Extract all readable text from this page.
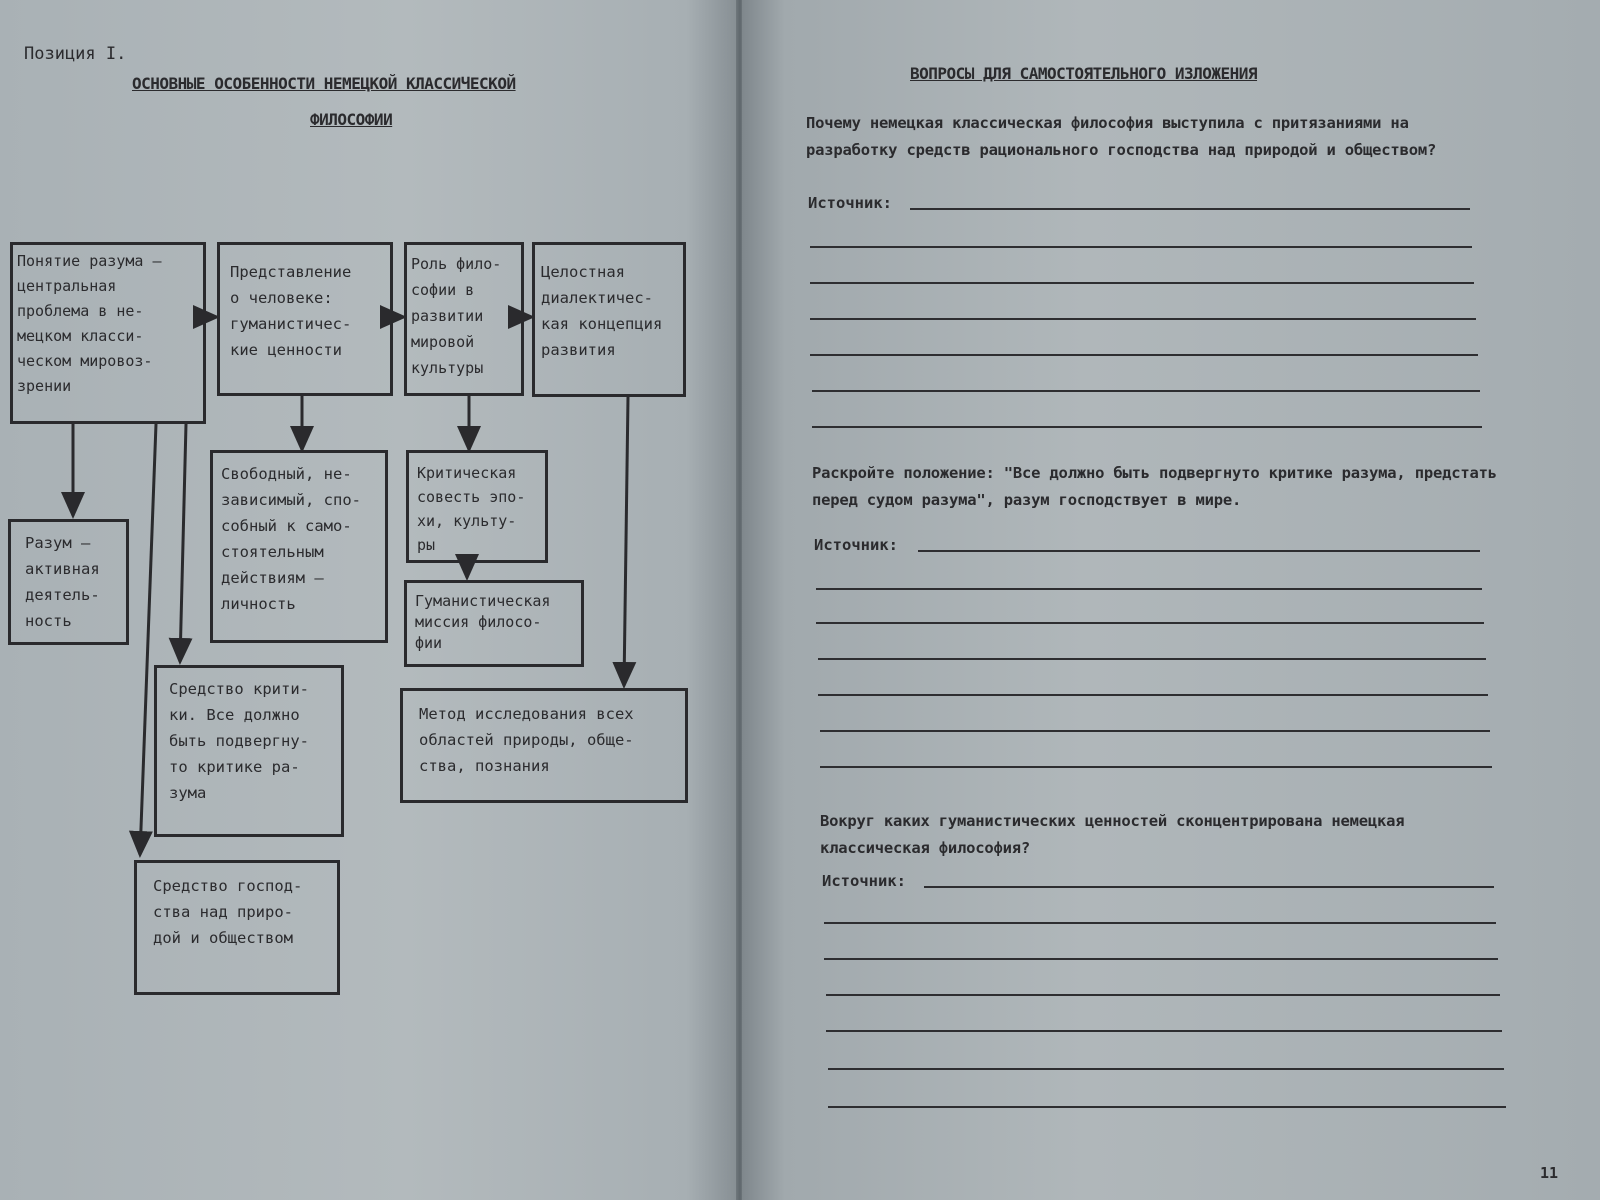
Позиция I.
ОСНОВНЫЕ ОСОБЕННОСТИ НЕМЕЦКОЙ КЛАССИЧЕСКОЙ
ФИЛОСОФИИ
Понятие разума –
центральная
проблема в не-
мецком класси-
ческом мировоз-
зрении
Представление
о человеке:
гуманистичес-
кие ценности
Роль фило-
софии в
развитии
мировой
культуры
Целостная
диалектичес-
кая концепция
развития
Разум –
активная
деятель-
ность
Свободный, не-
зависимый, спо-
собный к само-
стоятельным
действиям –
личность
Критическая
совесть эпо-
хи, культу-
ры
Гуманистическая
миссия филосо-
фии
Средство крити-
ки. Все должно
быть подвергну-
то критике ра-
зума
Метод исследования всех
областей природы, обще-
ства, познания
Средство господ-
ства над приро-
дой и обществом
ВОПРОСЫ ДЛЯ САМОСТОЯТЕЛЬНОГО ИЗЛОЖЕНИЯ
Почему немецкая классическая философия выступила с притязаниями на разработку средств рационального господства над природой и обществом?
Источник:
Раскройте положение: "Все должно быть подвергнуто критике разума, предстать перед судом разума", разум господствует в мире.
Источник:
Вокруг каких гуманистических ценностей сконцентрирована немецкая классическая философия?
Источник:
11
